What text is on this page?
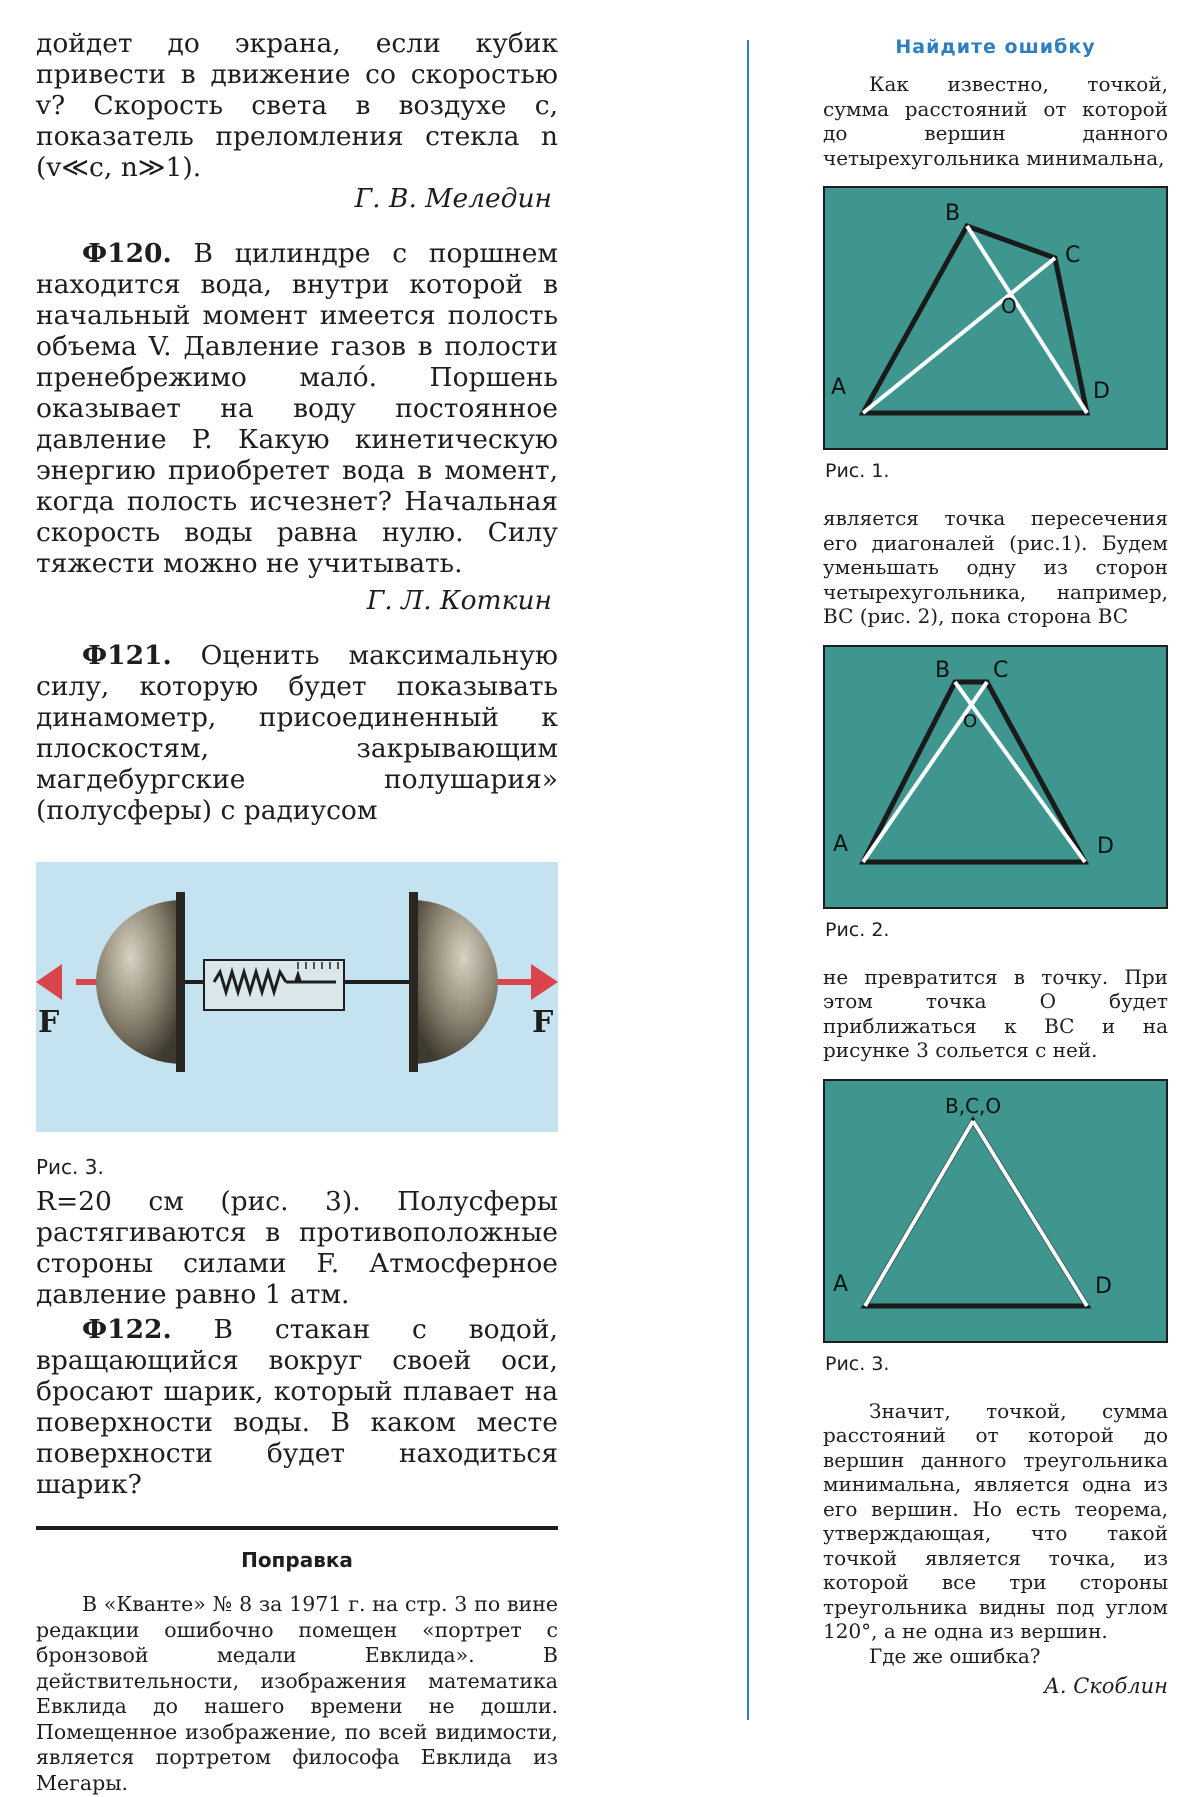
дойдет до экрана, если кубик привести в движение со скоростью v? Скорость света в воздухе c, показатель преломления стекла n (v≪c, n≫1).

Г. В. Меледин

Ф120. В цилиндре с поршнем находится вода, внутри которой в начальный момент имеется полость объема V. Давление газов в полости пренебрежимо мало́. Поршень оказывает на воду постоянное давление P. Какую кинетическую энергию приобретет вода в момент, когда полость исчезнет? Начальная скорость воды равна нулю. Силу тяжести можно не учитывать.

Г. Л. Коткин

Ф121. Оценить максимальную силу, которую будет показывать динамометр, присоединенный к плоскостям, закрывающим магдебургские полушария» (полусферы) с радиусом

F	F

Рис. 3.

R=20 см (рис. 3). Полусферы растягиваются в противоположные стороны силами F. Атмосферное давление равно 1 атм.

Ф122. В стакан с водой, вращающийся вокруг своей оси, бросают шарик, который плавает на поверхности воды. В каком месте поверхности будет находиться шарик?

Поправка

В «Кванте» № 8 за 1971 г. на стр. 3 по вине редакции ошибочно помещен «портрет с бронзовой медали Евклида». В действительности, изображения математика Евклида до нашего времени не дошли. Помещенное изображение, по всей видимости, является портретом философа Евклида из Мегары.

Найдите ошибку

Как известно, точкой, сумма расстояний от которой до вершин данного четырехугольника минимальна,

B
C
O
A	D

Рис. 1.

является точка пересечения его диагоналей (рис.1). Будем уменьшать одну из сторон четырехугольника, например, BC (рис. 2), пока сторона BC

B C
O
A	D

Рис. 2.

не превратится в точку. При этом точка O будет приближаться к BC и на рисунке 3 сольется с ней.

B,C,O
A	D

Рис. 3.

Значит, точкой, сумма расстояний от которой до вершин данного треугольника минимальна, является одна из его вершин. Но есть теорема, утверждающая, что такой точкой является точка, из которой все три стороны треугольника видны под углом 120°, а не одна из вершин.

Где же ошибка?

А. Скоблин
